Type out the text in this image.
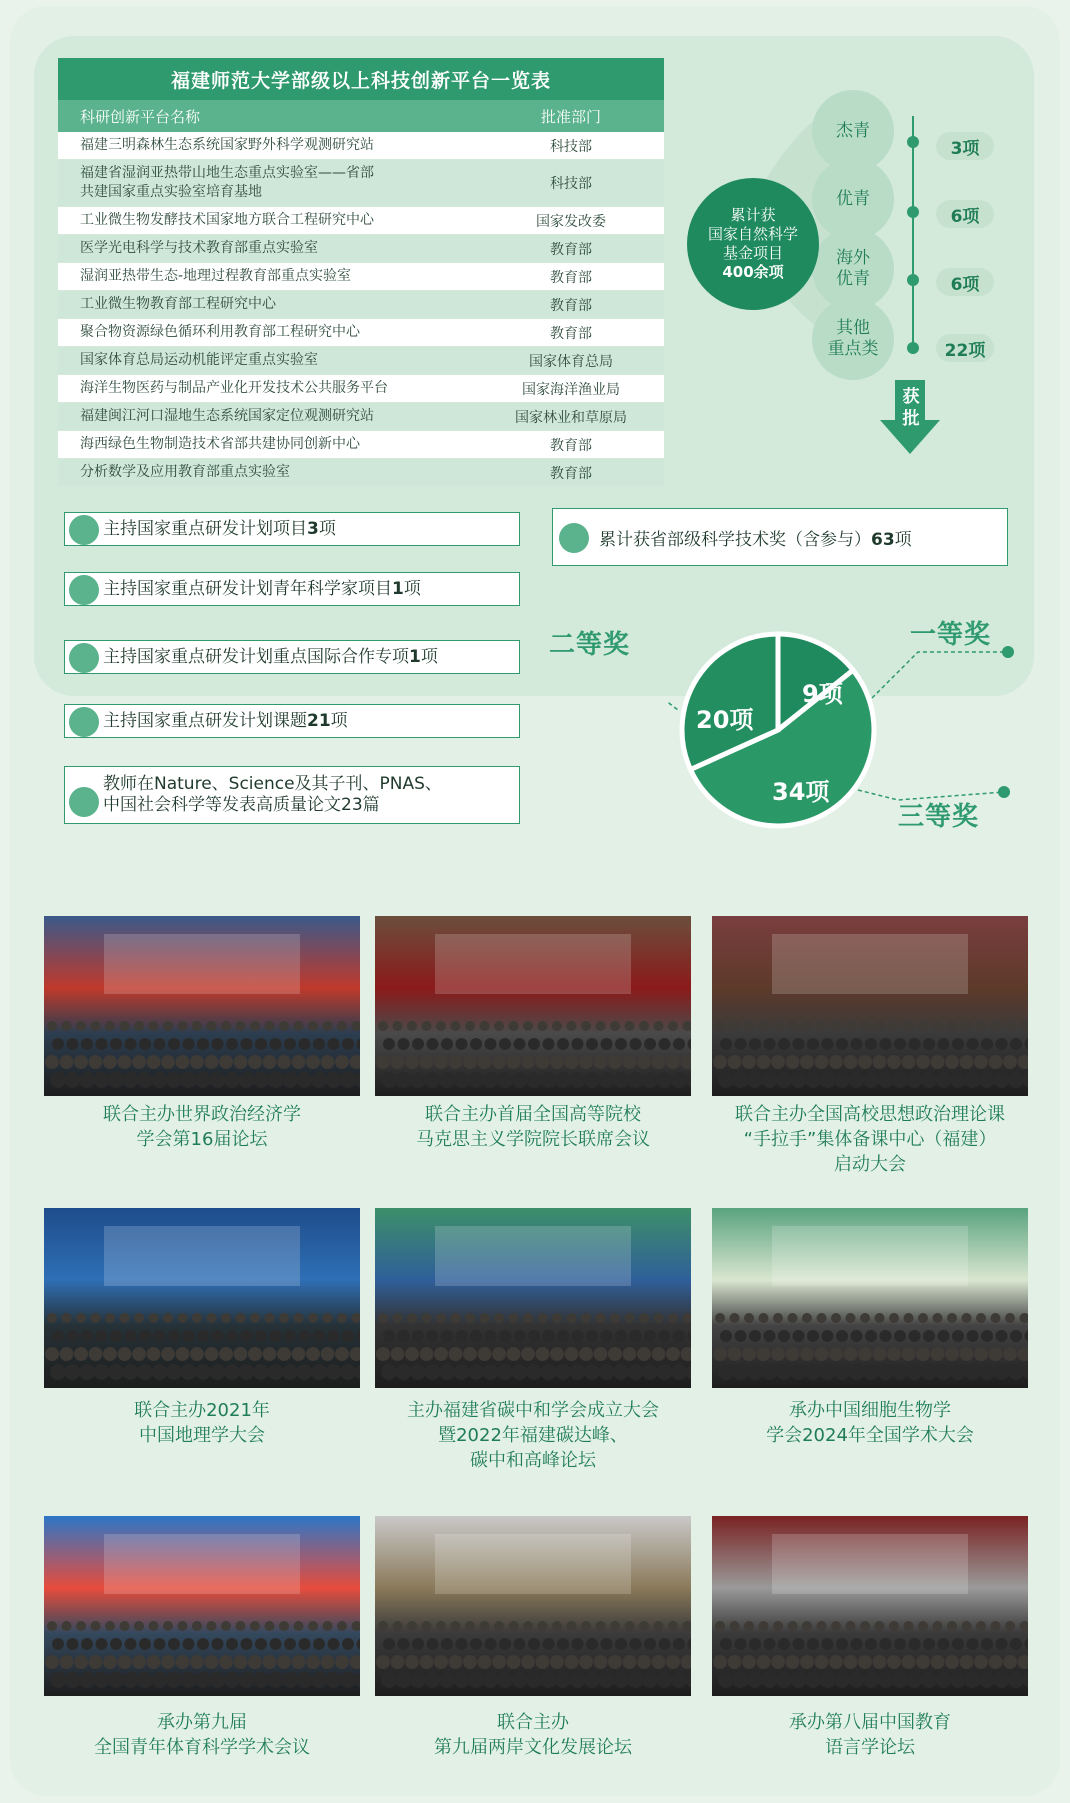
福建师范大学部级以上科技创新平台一览表
科研创新平台名称	批准部门
福建三明森林生态系统国家野外科学观测研究站	科技部
福建省湿润亚热带山地生态重点实验室——省部
共建国家重点实验室培育基地	科技部
工业微生物发酵技术国家地方联合工程研究中心	国家发改委
医学光电科学与技术教育部重点实验室	教育部
湿润亚热带生态-地理过程教育部重点实验室	教育部
工业微生物教育部工程研究中心	教育部
聚合物资源绿色循环利用教育部工程研究中心	教育部
国家体育总局运动机能评定重点实验室	国家体育总局
海洋生物医药与制品产业化开发技术公共服务平台	国家海洋渔业局
福建闽江河口湿地生态系统国家定位观测研究站	国家林业和草原局
海西绿色生物制造技术省部共建协同创新中心	教育部
分析数学及应用教育部重点实验室	教育部
累计获
国家自然科学
基金项目
400余项
杰青
3项
优青
6项
海外
优青	6项
其他
重点类	22项
获批
主持国家重点研发计划项目3项
主持国家重点研发计划青年科学家项目1项
主持国家重点研发计划重点国际合作专项1项
主持国家重点研发计划课题21项
教师在Nature、Science及其子刊、PNAS、
中国社会科学等发表高质量论文23篇
累计获省部级科学技术奖（含参与）63项
二等奖	一等奖
三等奖
9项
20项
34项
联合主办世界政治经济学
学会第16届论坛
联合主办首届全国高等院校
马克思主义学院院长联席会议
联合主办全国高校思想政治理论课
“手拉手”集体备课中心（福建）
启动大会
联合主办2021年
中国地理学大会
主办福建省碳中和学会成立大会
暨2022年福建碳达峰、
碳中和高峰论坛
承办中国细胞生物学
学会2024年全国学术大会
承办第九届
全国青年体育科学学术会议
联合主办
第九届两岸文化发展论坛
承办第八届中国教育
语言学论坛
